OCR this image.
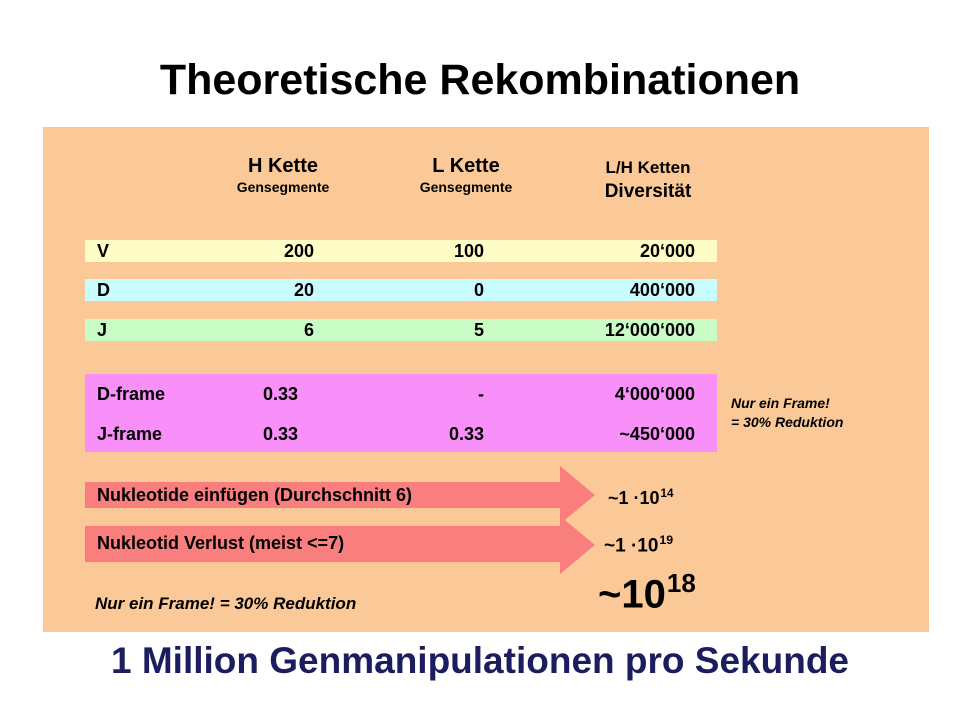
Theoretische Rekombinationen
H Kette
Gensegmente
L Kette
Gensegmente
L/H Ketten
Diversität
V	200	100	20‘000
D	20	0	400‘000
J	6	5	12‘000‘000
D-frame	0.33	-	4‘000‘000
J-frame	0.33	0.33	~450‘000
Nur ein Frame!
= 30% Reduktion
Nukleotide einfügen (Durchschnitt 6)	~1 $\cdot 10^{14}$
Nukleotid Verlust (meist <=7)	~1 $\cdot 10^{19}$
Nur ein Frame! = 30% Reduktion	$\sim 10^{18}$
1 Million Genmanipulationen pro Sekunde
